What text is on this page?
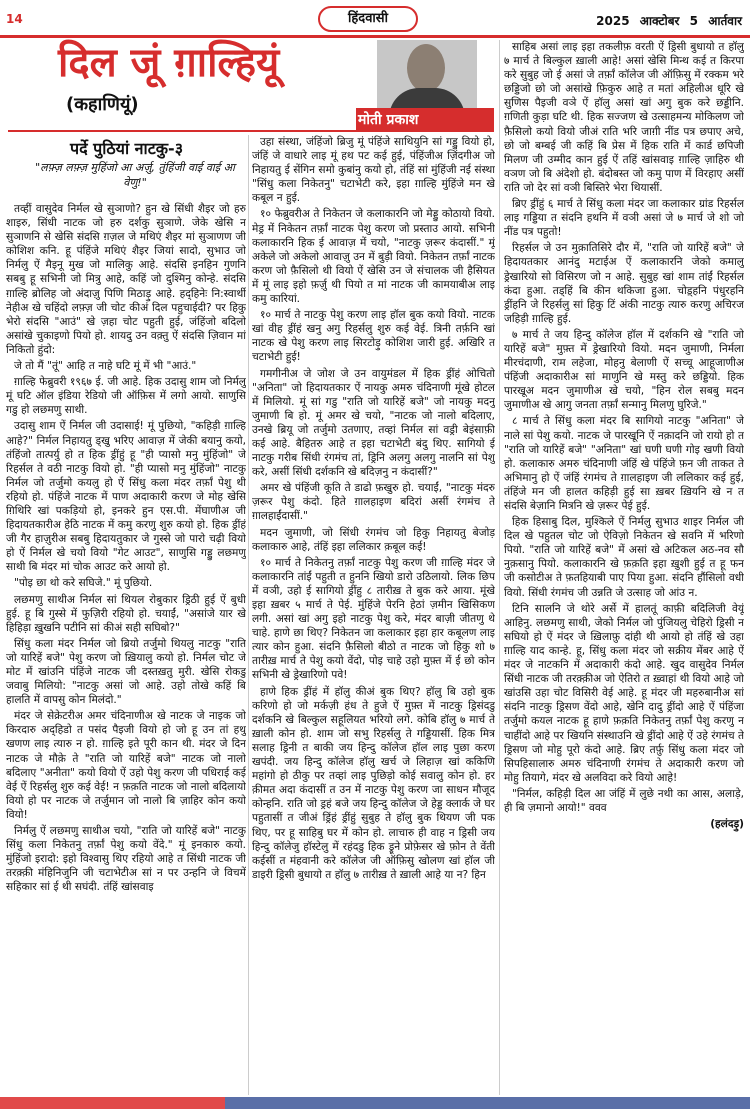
14	हिंदवासी	2025 आक्टोबर 5 आर्तवार
दिल जूं ग़ाल्हियूं
(कहाणियूं)
मोती प्रकाश
पर्दे पुठियां नाटकु-३
"लफ़्ज़ लफ़्ज़ मुहिंजो आ अर्ज़ु, तुंहिंजी वाई वाई आ वेणु!"

तव्हीं वासुदेव निर्मल खे सुञाणो? हुन खे सिंधी शैइर जो हरु शाइरु, सिंधी नाटक जो हरु दर्शकु सुञाणे. जेके खेसि न सुञाणनि से खेसि संदसि ग़ज़ल जे मथिएं शैइर मां सुञाणण जी कोशिश कनि. हू पंहिंजे मथिएं शैइर जियां सादो, सुभाउ जो निर्मलु ऐं मैइनू मुख जो मालिकु आहे. संदसि इनहिन गुणनि सबबु हू सभिनी जो मित्रु आहे, कहिं जो दुश्मिनु कोन्हे. संदसि ग़ाल्हि ब्रोलिह जो अंदाज़ु पिणि मिठाड़ु आहे. हद्हिनेः नि:स्वार्थी नेहीअ खे चहिंदो लफ़्ज़ जी चोट कीअं दिल पहुचाईदी? पर हिकु भेरो संदसि "आउं" खे ज़हा चोट पहुती हुई, जंहिंजो बदिलो असांखे चुकाइणो पियो हो. शायदु उन वक़्तु ऐं संदसि ज़िवान मां निकितो हुंदो:

जे तो मैं "तूं" आहि त नाहे घटि मूं में भी "आउं."

ग़ाल्हि फेब्रुवरी १९६७ ई. जी आहे. हिक उदासु शाम जो निर्मलु मूं घटि ऑल इंडिया रेडियो जी ऑफ़िस में लगो आयो. साणुसि गडु हो लछमणु साथी.

उदासु शाम ऐं निर्मल जी उदासाई! मूं पुछियो, "कहिड़ी ग़ाल्हि आहे?" निर्मल निहायतु ड्खु भरिए आवाज़ में जेकी बयानु कयो, तंहिंजो तात्पर्यु हो त हिक ड्रींहुं हू "ही प्यासो मनु मुंहिंजो" जे रिहर्सल ते वठी नाटकु वियो हो. "ही प्यासो मनु मुंहिंजो" नाटकु निर्मल जो तर्जुमो कयलु हो ऐं सिंधु कला मंदर तर्फ़ां पेशु थी रहियो हो. पंहिंजे नाटक में पाण अदाकारी करण जे मोह खेसि ग़िथिरि खां पकड़ियो हो, इनकरे हुन एस.पी. मेंघाणीअ जी हिदायतकारीअ हेठि नाटक में कमु करणु शुरु कयो हो. हिक ड्रींहं जी गैर हाज़ुरीअ सबबु हिदायतुकार जे गुस्से जो पारो चढ़ी वियो हो ऐं निर्मल खे चयो वियो "गेट आउट", साणुसि गड्डु लछमणु साथी बि मंदर मां चोक आउट करे आयो हो.

"पोइ छा थो करे सघिजे." मूं पुछियो.

लछमणु साथीअ निर्मल सां थियल रोबुकार ड्रिठी हुई ऐं बुधी हुई. हू बि गुस्से में फुज़िरी रहियो हो. चयाईं, "असांजे यार खे हिहिड़ा ख़ुखनि पटीनि सां कीअं सही सघिबो?"

सिंधु कला मंदर निर्मल जो ब्रियो तर्जुमो थियलु नाटकु "राति जो यारिहें बजे" पेशु करण जो ख़ियालु कयो हो. निर्मल चोट जे मोट में खांउनि पंहिंजे नाटक जी दस्तख़तु मुरी. खेसि रोकडु जवाबु मिलियो: "नाटकु असां जो आहे. उहो तोखे कहिं बि हालति में वापसु कोन मिलंदो."

मंदर जे सेक्रेटरीअ अमर चंदिनाणीअ खे नाटक जे नाइक जो किरदारु अद्हिडो त पसंद पैइजी वियो हो जो हू उन तां हथु खणण लाइ त्यारु न हो. ग़ाल्हि इते पूरी कान थी. मंदर जे दिन नाटक जे मौक़े ते "राति जो यारिहें बजे" नाटक जो नालो बदिलाए "अनीता" कयो वियो ऐं उहो पेशु करण जी पधिराई कई वेई ऐं रिहर्सलु शुरु कई वेई! न फ़क़ति नाटक जो नालो बदिलायो वियो हो पर नाटक जे तर्जुमान जो नालो बि ज़ाहिर कोन कयो वियो!

निर्मलु ऐं लछमणु साथीअ चयो, "राति जो यारिहें बजे" नाटकु सिंधु कला निकेतनु तर्फ़ां पेशु कयो वेंदे." मूं इनकारु कयो. मुंहिंजो इरादो: इहो विश्वासु थिए रहियो आहे त सिंधी नाटक जी तरक़्क़ी मंहिनिजुनि जी चटाभेटीअ सां न पर उन्हनि जे विचमें सहिकार सां ई थी सघंदी. तंहिं खांसवाइ

उहा संस्था, जंहिंजो ब्रिजु मूं पंहिंजे साथियुनि सां गड्डु वियो हो, जंहिं जे वाधारे लाइ मूं हथ पट कई हुई, पंहिंजीअ ज़िंदगीअ जो निहायतु ई सेंगिन समो कुबांनु कयो हो, तंहिं सां मुंहिंजी नई संस्था "सिंधु कला निकेतनु" चटाभेटी करे, इहा ग़ाल्हि मुंहिंजे मन खे कबूल न हुई.

१० फेब्रुवरीअ ते निकेतन जे कलाकारनि जो मेड्डु कोठायो वियो. मेड्र में निकेतन तर्फ़ां नाटक पेशु करण जो प्रस्ताउ आयो. सभिनी कलाकारनि हिक ई आवाज़ में चयो, "नाटकु ज़रूर कंदासीं." मूं अकेले जो अकेलो आवाज़ु उन में बुड़ी वियो. निकेतन तर्फ़ां नाटक करण जो फ़ैसिलो थी वियो ऐं खेसि उन जे संचालक जी हैसियत में मूं लाइ इहो फ़र्ज़ु थी पियो त मां नाटक जी कामयाबीअ लाइ कमु कारियां.

१० मार्च ते नाटकु पेशु करण लाइ हॉल बुक कयो वियो. नाटक खां वीह ड्रींहं खनु अगु रिहर्सलु शुरु कई वेई. त्रिनी तर्फ़नि खां नाटक खे पेशु करण लाइ सिरटोड़ु कोशिश जारी हुई. अखिरि त चटाभेटी हुई!

गमगीनीअ जे जोश जे उन वायुमंडल में हिक ड्रींहं ओचितो "अनिता" जो हिदायतकार ऐं नायकु अमरु चंदिनाणी मूंखे होटल में मिलियो. मूं सां गडु "राति जो यारिहें बजे" जो नायकु मदनु जुमाणी बि हो. मूं अमर खे चयो, "नाटक जो नालो बदिलाए, उनखे ब्रियू जो तर्जुमो उतणाए, तव्हां निर्मल सां वड्री बेइंसाफ़ी कई आहे. बैहितरु आहे त इहा चटाभेटी बंदु थिए. सागियो ई नाटकु गरीब सिंधी रंगमंच तां, ड्रिनि अलगु अलगु नालनि सां पेशु करे, असीं सिंधी दर्शकनि खे बदिज़नु न कंदासीं?"

अमर खे पंहिंजी कूति ते डाढो फ़खुरु हो. चयाईं, "नाटकु मंदरु ज़रूर पेशु कंदो. हिते ग़ालहाइण बदिरां असीं रंगमंच ते ग़ालहाईंदासीं."

मदन जुमाणी, जो सिंधी रंगमंच जो हिकु निहायतु बेजोड़ कलाकारु आहे, तंहिं इहा ललिकार क़बूल कई!

१० मार्च ते निकेतनु तर्फ़ां नाटकु पेशु करण जी ग़ाल्हि मंदर जे कलाकारनि तांईं पहुती त हुननि खियो डारो उठिलायो. लिक छिप में वञी, उहो ई सागियो ड्रींहु ८ तारीख़ ते बुक करे आया. मूंखे इहा ख़बर ५ मार्च ते पेई. मुंहिंजे पेरनि हेठां ज़मीन खिसिकण लगी. असां खां अगु इहो नाटकु पेशु करे, मंदर बाज़ी जीतणु थे चाहे. हाणे छा थिए? निकेतन जा कलाकार इहा हार कबूलण लाइ त्यार कोन हुआ. संदनि फ़ैसिलो बीठो त नाटक जो हिकु शो ७ तारीख़ मार्च ते पेशु कयो वेंदो, पोइ चाहे उहो मुफ़्त में ई छो कोन सभिनी खे ड्रेखारिणो पवे!

हाणे हिक ड्रींहं में हॉलु कीअं बुक थिए? हॉलु बि उहो बुक करिणो हो जो मर्कज़ी हंध ते हुजे ऐं मुफ़्त में नाटकु ड्रिसंदडु दर्शकनि खे बिल्कुल सहूलियत भरियो लगे. कोबि हॉलु ७ मार्च ते ख़ाली कोन हो. शाम जो सभु रिहर्सलु ते गड्डियासीं. हिक मित्र सलाह ड्रिनी त बाकी जय हिन्दु कॉलेज हॉल लाइ पुछा करण खपंदी. जय हिन्दु कॉलेज हॉलु खर्च जे लिहाज़ खां ककिणि महांगो हो ठीकु पर तव्हां लाइ पुछिड़ो कोई सवालु कोन हो. हर क़ीमत अदा कंदासीं त उन में नाटकु पेशु करण जा साधन मौजूद कोन्हनि. राति जो ड्रहं बजे जय हिन्दु कॉलेज जे हेड्ड क्लार्क जे घर पहुतासीं त जीअं ड्रिंहं ड्रींहुं सुबुह ते हॉलु बुक थियण जी पक थिए, पर हू साहिबु घर में कोन हो. लाचारु ही वाह न ड्रिसी जय हिन्दु कॉलेजु हॉस्टेलु में रहंदडु हिक ड्रूने प्रोफ़ेसर खे फ़ोन ते वेंती कईसीं त मंहवानी करे कॉलेज जी ऑफ़िसु खोलण खां हॉल जी डाइरी ड्रिसी बुधायो त हॉलु ७ तारीख़ ते ख़ाली आहे या न? हिन

साहिब असां लाइ इहा तकलीफ़ वरती ऐं ड्रिसी बुधायो त हॉलु ७ मार्च ते बिल्कुल ख़ाली आहे! असां खेसि मिन्थ कई त किरपा करे सुबुह जो ई असां जे तर्फ़ां कॉलेज जी ऑफ़िसु में रक्कम भरे छड्डिजो छो जो असांखे फ़िकुरु आहे त मतां अहिलीअ धूरि खे सुणिस पैइजी वञे ऐं हॉलु असां खां अगु बुक करे छड्डीनि. ग़णिती कुड़ा घटि थी. हिक सज्जण खे उत्साहमन्य मोकिलण जो फ़ैसिलो कयो वियो जीअं राति भरि जाग़ी नींड पत्र छपाए अचे, छो जो बम्बई जी कहिं बि प्रेस में हिक राति में कार्ड छपिजी मिलण जी उम्मीद कान हुई ऐं तहिं खांसवाइ ग़ाल्हि ज़ाहिरु थी वञण जो बि अंदेशो हो. बंदोबस्त जो कमु पाण में विरहाए असीं राति जो देर सां वञी बिस्तिरे भेरा थियासीं.

ब्रिए ड्रींहुं ६ मार्च ते सिंधु कला मंदर जा कलाकार ग्रांड रिहर्सल लाइ गड्डिया त संदनि हथनि में वञी असां जे ७ मार्च जे शो जो नींड पत्र पहुतो!

रिहर्सल जे उन मुक़ातिसिरे दौर में, "राति जो यारिहें बजे" जे हिदायतकार आनंदु मटाईअ ऐं कलाकारनि जेको कमालु ड्रेखारियो सो विसिरण जो न आहे. सुबुह खां शाम तांईं रिहर्सल कंदा हुआ. तड्हिं बि कीन थकिजा हुआ. चोड़्हनि पंधुरहनि ड्रींहनि जे रिहर्सलु सां हिकु टिं अंकी नाटकु त्यारु करणु अचिरज जहिड़ी ग़ाल्हि हुई.

७ मार्च ते जय हिन्दु कॉलेज हॉल में दर्शकनि खे "राति जो यारिहें बजे" मुफ़्त में ड्रेखारियो वियो. मदन जुमाणी, निर्मला मीरचंदाणी, राम लहेजा, मोहनु बेलाणी ऐं सच्चू आहूजाणीअ पंहिंजी अदाकारीअ सां माणुनि खे मस्तु करे छड्डियो. हिक पारखूअ मदन जुमाणीअ खे चयो, "हिन रोल सबबु मदन जुमाणीअ खे आगु जनता तर्फ़ां सन्मानु मिलणु घुरिजे."

८ मार्च ते सिंधु कला मंदर बि सागियो नाटकु "अनिता" जे नाले सां पेशु कयो. नाटक जे पारखूनि ऐं नक़ादनि जो रायो हो त "राति जो यारिहें बजे" "अनिता" खां घणी घणी गोइ खणी वियो हो. कलाकारु अमरु चंदिनाणी जंहिं खे पंहिंजे फ़न जी ताकत ते अभिमानु हो ऐं जंहिं रंगमंच ते ग़ालहाइण जी ललिकार कई हुई, तंहिंजे मन जी हालत कहिड़ी हुई सा ख़बर ख़ियनि खे न त संदसि बेज़ानि मित्रनि खे ज़रूर पेई हुई.

हिक हिसाबु दिल, मुश्किले ऐं निर्मलु सुभाउ शाइर निर्मल जी दिल खे पहुतल चोट जो ऐविज़ो निकेतन खे सवनि में भरिणो पियो. "राति जो यारिहें बजे" में असां खे अटिकल अठ-नव सौ नुक़सानु पियो. कलाकारनि खे फ़क़ति इहा ख़ुशी हुई त हू फन जी कसोटीअ ते फ़तहियाबी पाए पिया हुआ. संदनि हौंसिलो वधी वियो. सिंधी रंगमंच जी उन्नति जे उत्साह जो आंउ न.

टिनि सालनि जे थोरे अर्से में हालतूं काफ़ी बदिलिजी वेयूं आहिनु. लछमणु साथी, जेको निर्मल जो पुंजियलु चेहिरो ड्रिसी न सघियो हो ऐं मंदर जे ख़िलाफ़ु दांही थी आयो हो तंहिं खे उहा ग़ाल्हि याद कान्हे. हू, सिंधु कला मंदर जो सक्रीय मेंबर आहे ऐं मंदर जे नाटकनि में अदाकारी कंदो आहे. खुद वासुदेव निर्मल सिंधी नाटक जी तरक़्क़ीअ जो ऐतिरो त ख़्वाहां थी वियो आहे जो खांउसि उहा चोट विसिरी वेई आहे. हू मंदर जी महरुबानीअ सां संदनि नाटकु ड्रिसण वेंदो आहे, खेनि दादु ड्रींदो आहे ऐं पंहिंजा तर्जुमो कयल नाटक हू हाणे फ़क़ति निकेतनु तर्फ़ां पेशु करणु न चाहींदो आहे पर खियनि संस्थाउनि खे ड्रींदो आहे ऐं उहे रंगमंच ते ड्रिसण जो मोहु पूरो कंदो आहे. ब्रिए तर्फ़ु सिंधु कला मंदर जो सिपहिसालारु अमरु चंदिनाणी रंगमंच ते अदाकारी करण जो मोहु तियागे, मंदर खे अलविदा करे वियो आहे!

"निर्मल, कहिड़ी दिल आ जंहिं में लुछे नथी का आस, अलाड़े, ही बि ज़मानो आयो!" ववव

(हलंदड़ु)
